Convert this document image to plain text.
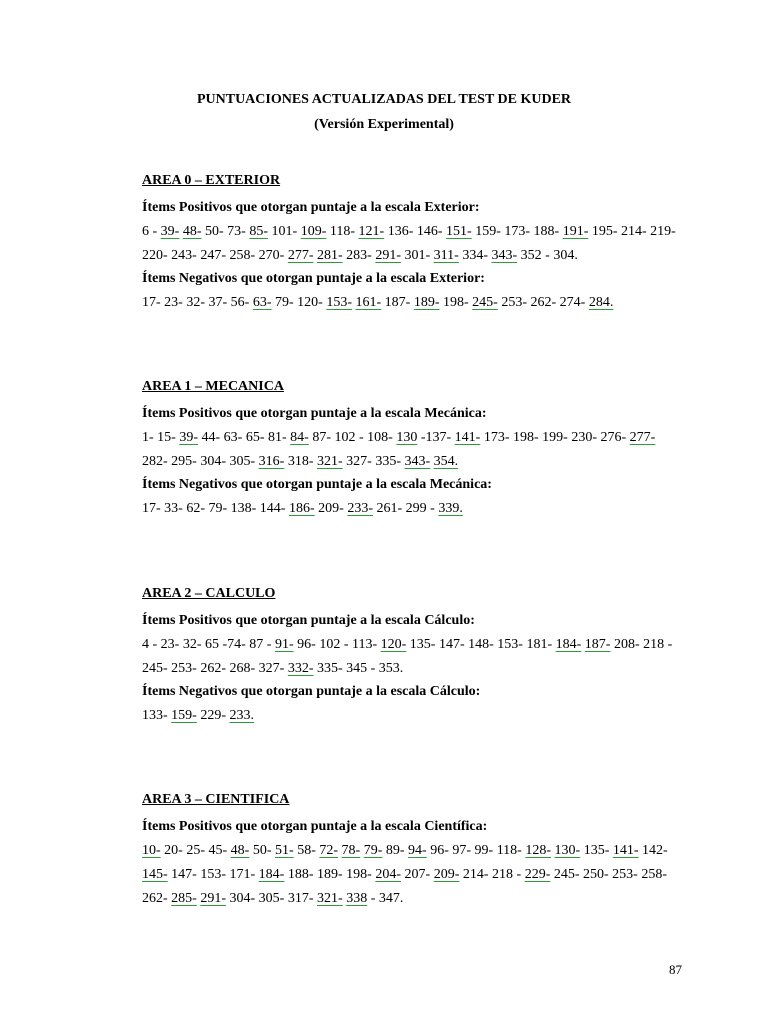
PUNTUACIONES ACTUALIZADAS DEL TEST DE KUDER
(Versión Experimental)
AREA 0 – EXTERIOR
Ítems Positivos que otorgan puntaje a la escala Exterior:
6 - 39- 48- 50- 73- 85- 101- 109- 118- 121- 136- 146- 151- 159- 173- 188- 191- 195- 214- 219- 220- 243- 247- 258- 270- 277- 281- 283- 291- 301- 311- 334- 343- 352 - 304.
Ítems Negativos que otorgan puntaje a la escala Exterior:
17- 23- 32- 37- 56- 63- 79- 120- 153- 161- 187- 189- 198- 245- 253- 262- 274- 284.
AREA 1 – MECANICA
Ítems Positivos que otorgan puntaje a la escala Mecánica:
1- 15- 39- 44- 63- 65- 81- 84- 87- 102 - 108- 130 -137- 141- 173- 198- 199- 230- 276- 277- 282- 295- 304- 305- 316- 318- 321- 327- 335- 343- 354.
Ítems Negativos que otorgan puntaje a la escala Mecánica:
17- 33- 62- 79- 138- 144- 186- 209- 233- 261- 299 - 339.
AREA 2 – CALCULO
Ítems Positivos que otorgan puntaje a la escala Cálculo:
4 - 23- 32- 65 -74- 87 - 91- 96- 102 - 113- 120- 135- 147- 148- 153- 181- 184- 187- 208- 218 - 245- 253- 262- 268- 327- 332- 335- 345 - 353.
Ítems Negativos que otorgan puntaje a la escala Cálculo:
133- 159- 229- 233.
AREA 3 – CIENTIFICA
Ítems Positivos que otorgan puntaje a la escala Científica:
10- 20- 25- 45- 48- 50- 51- 58- 72- 78- 79- 89- 94- 96- 97- 99- 118- 128- 130- 135- 141- 142- 145- 147- 153- 171- 184- 188- 189- 198- 204- 207- 209- 214- 218 - 229- 245- 250- 253- 258- 262- 285- 291- 304- 305- 317- 321- 338 - 347.
87
